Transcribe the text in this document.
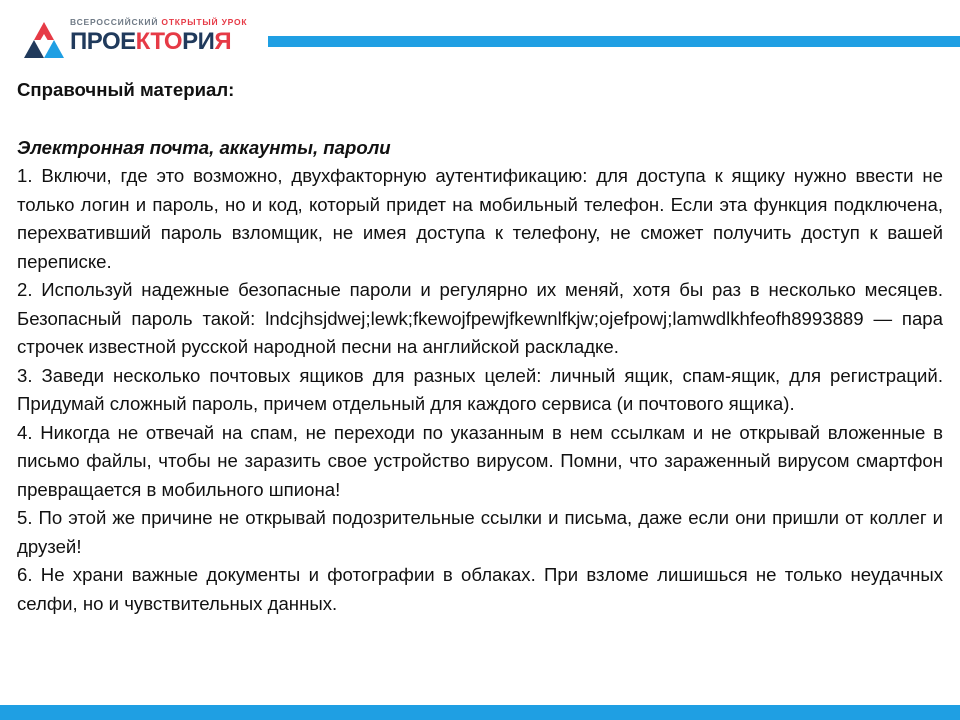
ВСЕРОССИЙСКИЙ ОТКРЫТЫЙ УРОК
ПРОЕКТОРИЯ
Справочный материал:
Электронная почта, аккаунты, пароли

1. Включи, где это возможно, двухфакторную аутентификацию: для доступа к ящику нужно ввести не только логин и пароль, но и код, который придет на мобильный телефон. Если эта функция подключена, перехвативший пароль взломщик, не имея доступа к телефону, не сможет получить доступ к вашей переписке.

2. Используй надежные безопасные пароли и регулярно их меняй, хотя бы раз в несколько месяцев. Безопасный пароль такой: lndcjhsjdwej;lewk;fkewojfpewjfkewnlfkjw;ojefpowj;lamwdlkhfeofh8993889 — пара строчек известной русской народной песни на английской раскладке.

3. Заведи несколько почтовых ящиков для разных целей: личный ящик, спам-ящик, для регистраций. Придумай сложный пароль, причем отдельный для каждого сервиса (и почтового ящика).

4. Никогда не отвечай на спам, не переходи по указанным в нем ссылкам и не открывай вложенные в письмо файлы, чтобы не заразить свое устройство вирусом. Помни, что зараженный вирусом смартфон превращается в мобильного шпиона!

5. По этой же причине не открывай подозрительные ссылки и письма, даже если они пришли от коллег и друзей!

6. Не храни важные документы и фотографии в облаках. При взломе лишишься не только неудачных селфи, но и чувствительных данных.
